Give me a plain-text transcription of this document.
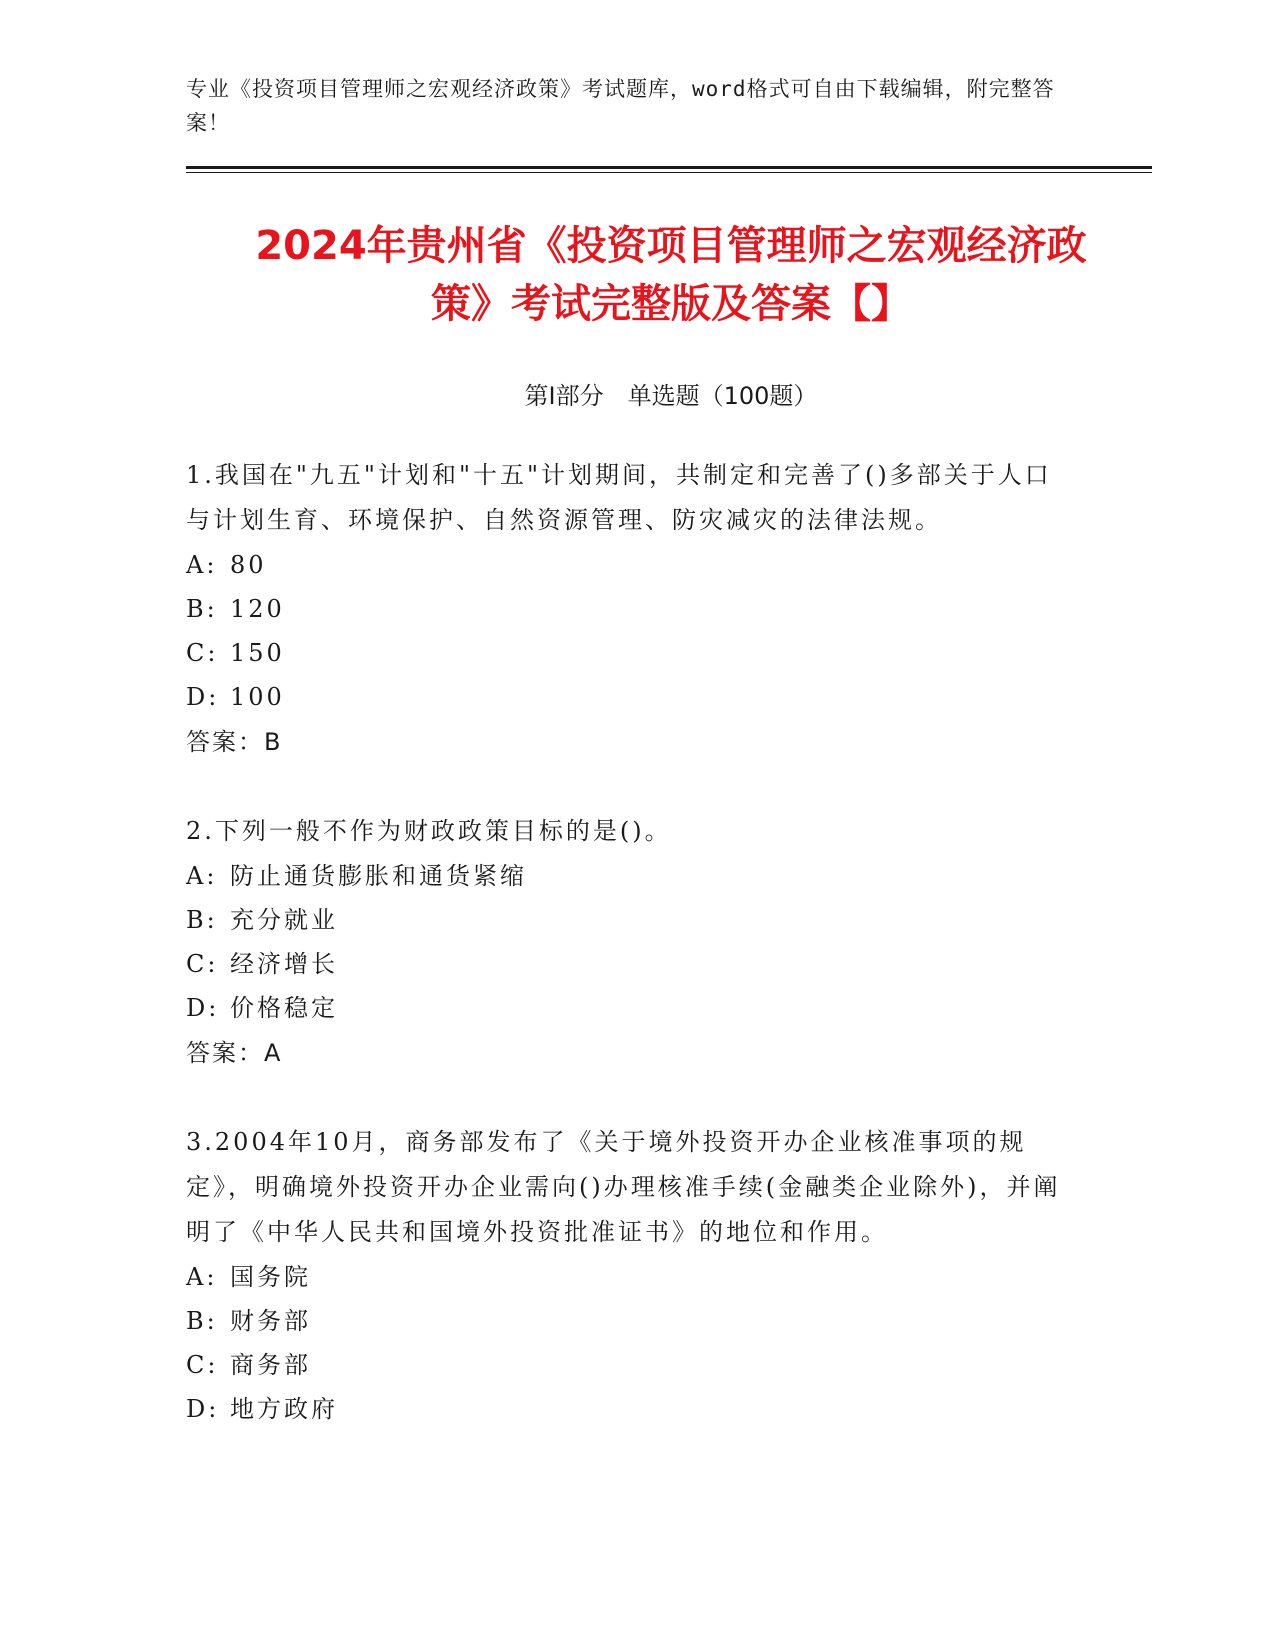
专业《投资项目管理师之宏观经济政策》考试题库，word格式可自由下载编辑，附完整答案！
2024年贵州省《投资项目管理师之宏观经济政策》考试完整版及答案【】
第I部分　单选题（100题）
1.我国在"九五"计划和"十五"计划期间，共制定和完善了()多部关于人口与计划生育、环境保护、自然资源管理、防灾减灾的法律法规。
A: 80
B: 120
C: 150
D: 100
答案：B
2.下列一般不作为财政政策目标的是()。
A: 防止通货膨胀和通货紧缩
B: 充分就业
C: 经济增长
D: 价格稳定
答案：A
3.2004年10月，商务部发布了《关于境外投资开办企业核准事项的规定》，明确境外投资开办企业需向()办理核准手续(金融类企业除外)，并阐明了《中华人民共和国境外投资批准证书》的地位和作用。
A: 国务院
B: 财务部
C: 商务部
D: 地方政府
